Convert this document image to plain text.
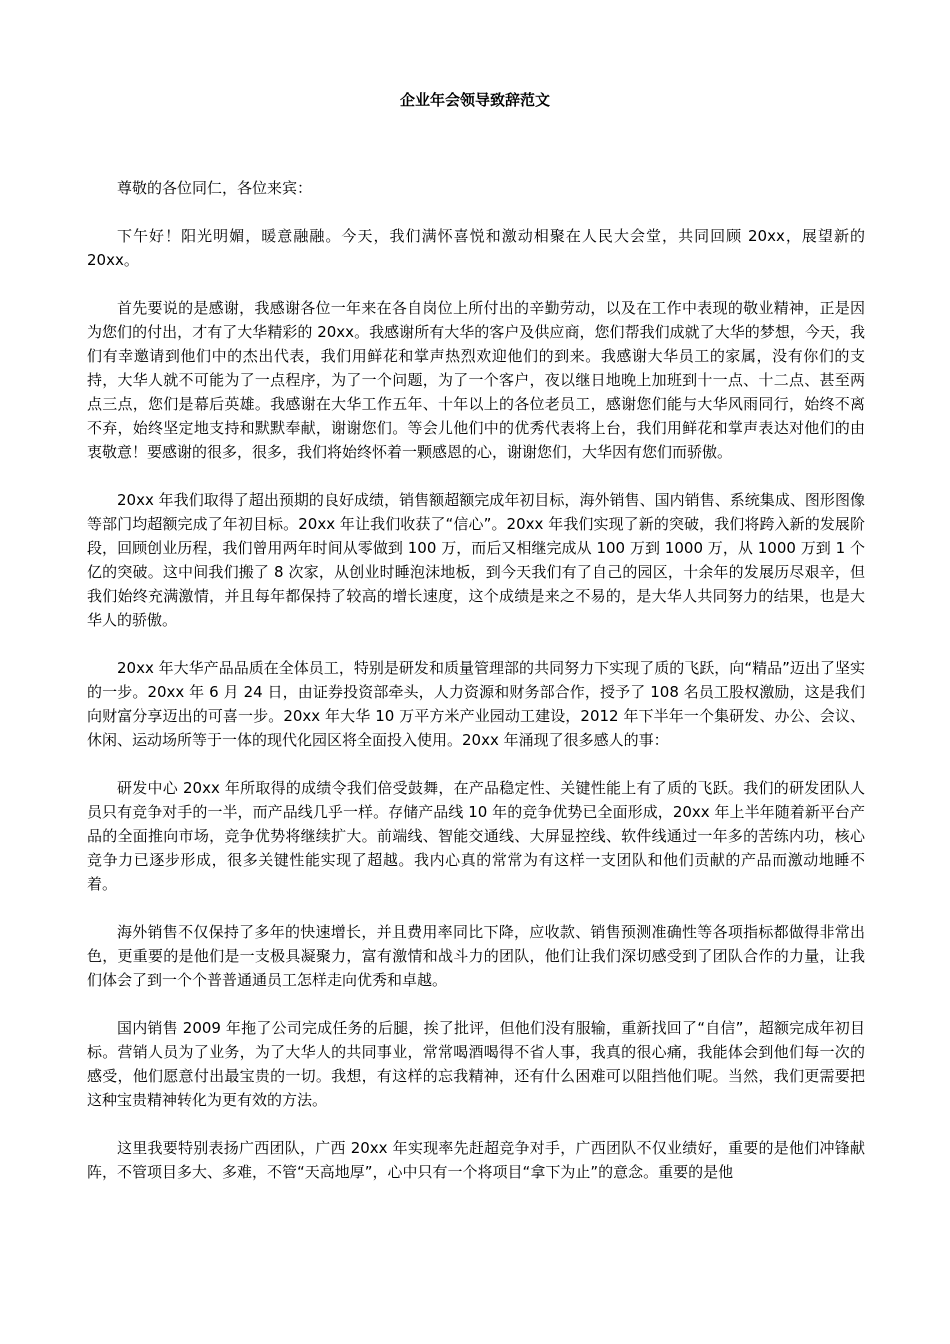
企业年会领导致辞范文

尊敬的各位同仁，各位来宾：

下午好！阳光明媚，暖意融融。今天，我们满怀喜悦和激动相聚在人民大会堂，共同回顾 20xx，展望新的 20xx。

首先要说的是感谢，我感谢各位一年来在各自岗位上所付出的辛勤劳动，以及在工作中表现的敬业精神，正是因为您们的付出，才有了大华精彩的 20xx。我感谢所有大华的客户及供应商，您们帮我们成就了大华的梦想，今天，我们有幸邀请到他们中的杰出代表，我们用鲜花和掌声热烈欢迎他们的到来。我感谢大华员工的家属，没有你们的支持，大华人就不可能为了一点程序，为了一个问题，为了一个客户，夜以继日地晚上加班到十一点、十二点、甚至两点三点，您们是幕后英雄。我感谢在大华工作五年、十年以上的各位老员工，感谢您们能与大华风雨同行，始终不离不弃，始终坚定地支持和默默奉献，谢谢您们。等会儿他们中的优秀代表将上台，我们用鲜花和掌声表达对他们的由衷敬意！要感谢的很多，很多，我们将始终怀着一颗感恩的心，谢谢您们，大华因有您们而骄傲。

20xx 年我们取得了超出预期的良好成绩，销售额超额完成年初目标，海外销售、国内销售、系统集成、图形图像等部门均超额完成了年初目标。20xx 年让我们收获了“信心”。20xx 年我们实现了新的突破，我们将跨入新的发展阶段，回顾创业历程，我们曾用两年时间从零做到 100 万，而后又相继完成从 100 万到 1000 万，从 1000 万到 1 个亿的突破。这中间我们搬了 8 次家，从创业时睡泡沫地板，到今天我们有了自己的园区，十余年的发展历尽艰辛，但我们始终充满激情，并且每年都保持了较高的增长速度，这个成绩是来之不易的，是大华人共同努力的结果，也是大华人的骄傲。

20xx 年大华产品品质在全体员工，特别是研发和质量管理部的共同努力下实现了质的飞跃，向“精品”迈出了坚实的一步。20xx 年 6 月 24 日，由证券投资部牵头，人力资源和财务部合作，授予了 108 名员工股权激励，这是我们向财富分享迈出的可喜一步。20xx 年大华 10 万平方米产业园动工建设，2012 年下半年一个集研发、办公、会议、休闲、运动场所等于一体的现代化园区将全面投入使用。20xx 年涌现了很多感人的事：

研发中心 20xx 年所取得的成绩令我们倍受鼓舞，在产品稳定性、关键性能上有了质的飞跃。我们的研发团队人员只有竞争对手的一半，而产品线几乎一样。存储产品线 10 年的竞争优势已全面形成，20xx 年上半年随着新平台产品的全面推向市场，竞争优势将继续扩大。前端线、智能交通线、大屏显控线、软件线通过一年多的苦练内功，核心竞争力已逐步形成，很多关键性能实现了超越。我内心真的常常为有这样一支团队和他们贡献的产品而激动地睡不着。

海外销售不仅保持了多年的快速增长，并且费用率同比下降，应收款、销售预测准确性等各项指标都做得非常出色，更重要的是他们是一支极具凝聚力，富有激情和战斗力的团队，他们让我们深切感受到了团队合作的力量，让我们体会了到一个个普普通通员工怎样走向优秀和卓越。

国内销售 2009 年拖了公司完成任务的后腿，挨了批评，但他们没有服输，重新找回了“自信”，超额完成年初目标。营销人员为了业务，为了大华人的共同事业，常常喝酒喝得不省人事，我真的很心痛，我能体会到他们每一次的感受，他们愿意付出最宝贵的一切。我想，有这样的忘我精神，还有什么困难可以阻挡他们呢。当然，我们更需要把这种宝贵精神转化为更有效的方法。

这里我要特别表扬广西团队，广西 20xx 年实现率先赶超竞争对手，广西团队不仅业绩好，重要的是他们冲锋献阵，不管项目多大、多难，不管“天高地厚”，心中只有一个将项目“拿下为止”的意念。重要的是他
